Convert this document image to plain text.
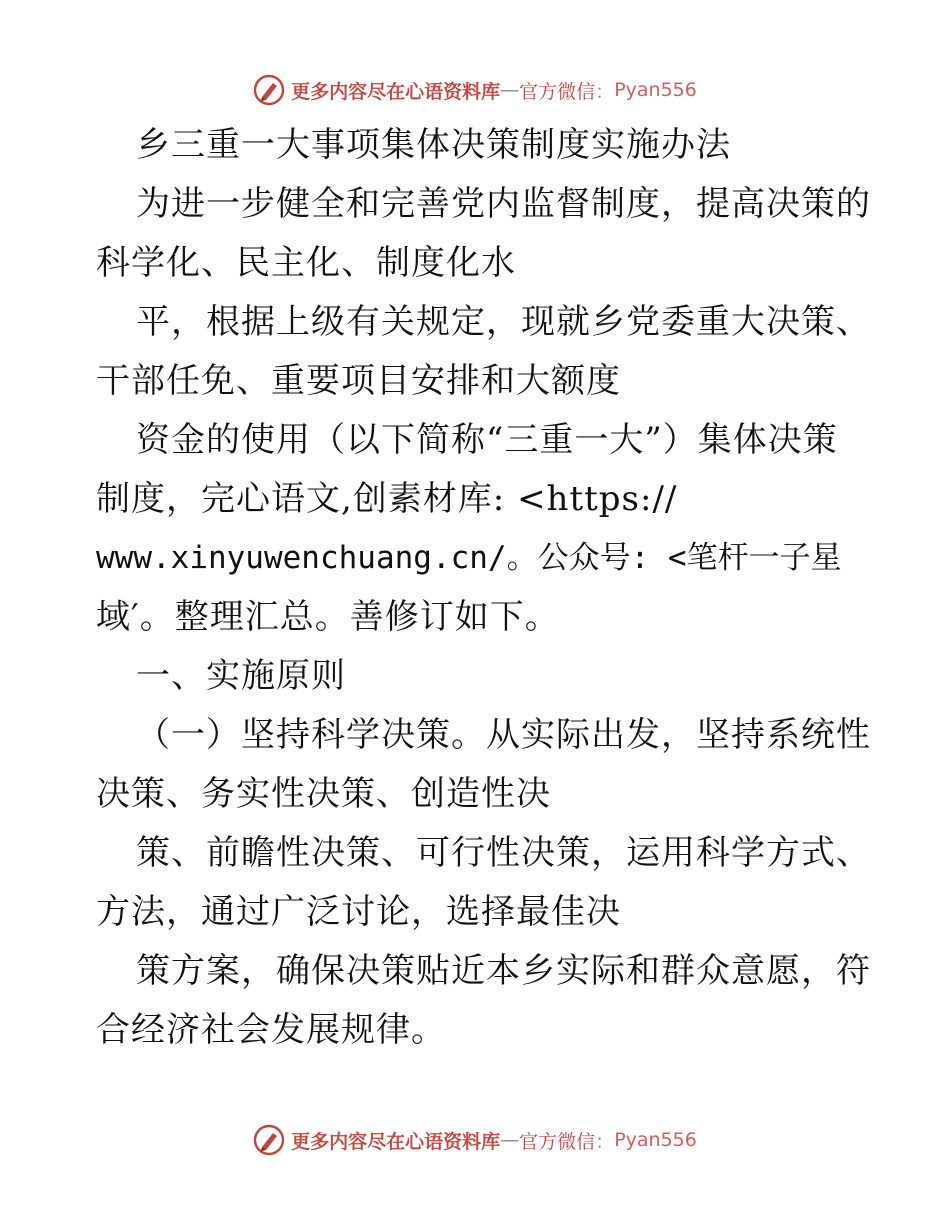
更多内容尽在心语资料库 — 官方微信 ： Pyan556
乡三重一大事项集体决策制度实施办法
为进一步健全和完善党内监督制度，提高决策的
科学化、民主化、制度化水
平，根据上级有关规定，现就乡党委重大决策、
干部任免、重要项目安排和大额度
资金的使用（以下简称“三重一大”）集体决策
制度，完心语文,创素材库: <https://
www.xinyuwenchuang.cn/。公众号: <笔杆一子星
域′。整理汇总。善修订如下。
一、实施原则
（一）坚持科学决策。从实际出发，坚持系统性
决策、务实性决策、创造性决
策、前瞻性决策、可行性决策，运用科学方式、
方法，通过广泛讨论，选择最佳决
策方案，确保决策贴近本乡实际和群众意愿，符
合经济社会发展规律。
更多内容尽在心语资料库 — 官方微信 ： Pyan556
